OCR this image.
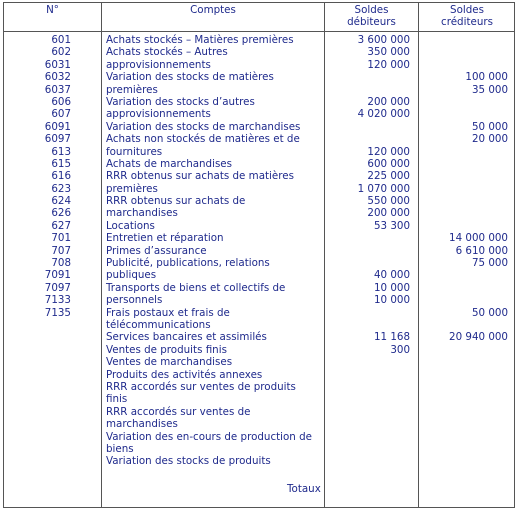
N°	Comptes	Soldes
débiteurs
Soldes
créditeurs
601
602
6031
6032
6037
606
607
6091
6097
613
615
616
623
624
626
627
701
707
708
7091
7097
7133
7135
Achats stockés – Matières premières
Achats stockés – Autres
approvisionnements
Variation des stocks de matières
premières
Variation des stocks d’autres
approvisionnements
Variation des stocks de marchandises
Achats non stockés de matières et de
fournitures
Achats de marchandises
RRR obtenus sur achats de matières
premières
RRR obtenus sur achats de
marchandises
Locations
Entretien et réparation
Primes d’assurance
Publicité, publications, relations
publiques
Transports de biens et collectifs de
personnels
Frais postaux et frais de
télécommunications
Services bancaires et assimilés
Ventes de produits finis
Ventes de marchandises
Produits des activités annexes
RRR accordés sur ventes de produits
finis
RRR accordés sur ventes de
marchandises
Variation des en-cours de production de
biens
Variation des stocks de produits
3 600 000
350 000
120 000
200 000
4 020 000
120 000
600 000
225 000
1 070 000
550 000
200 000
53 300
40 000
10 000
10 000
11 168
300
100 000
35 000
50 000
20 000
14 000 000
6 610 000
75 000
50 000
20 940 000
Totaux
